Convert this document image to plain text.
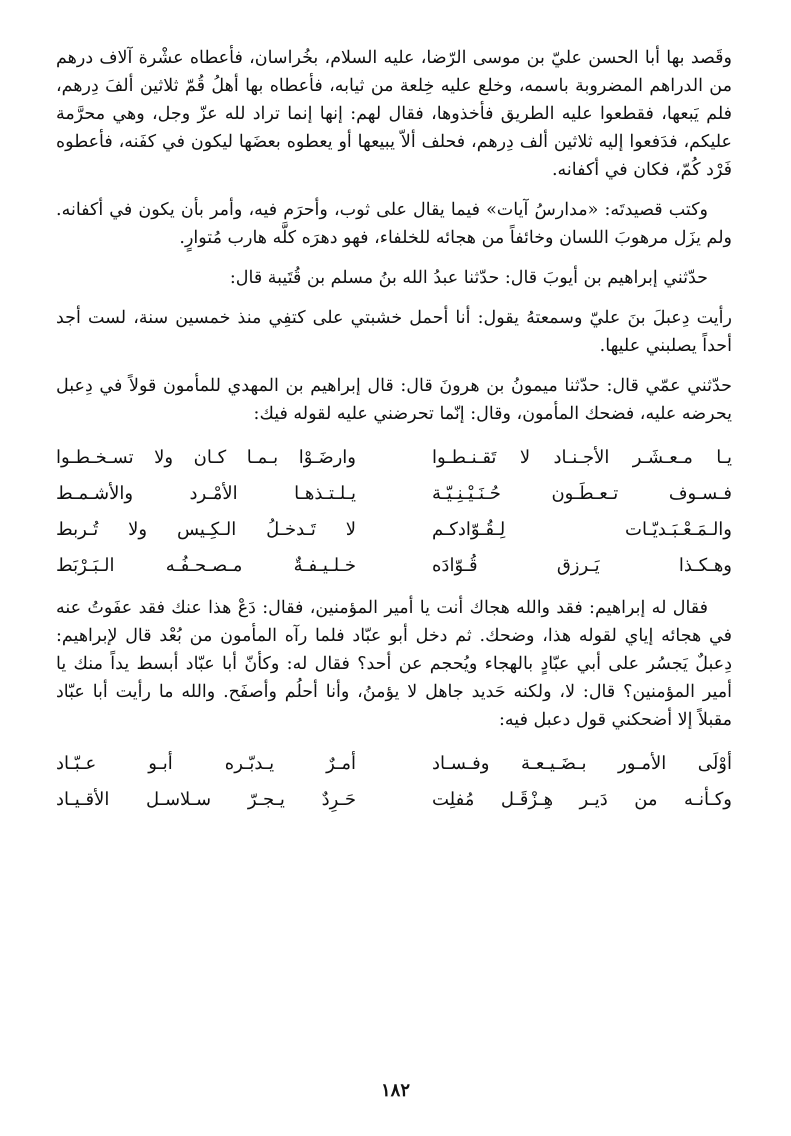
وقَصد بها أبا الحسن عليّ بن موسى الرّضا، عليه السلام، بخُراسان، فأعطاه عشْرة آلاف درهم من الدراهم المضروبة باسمه، وخلع عليه خِلعة من ثيابه، فأعطاه بها أهلُ قُمّ ثلاثين ألفَ دِرهم، فلم يَبعها، فقطعوا عليه الطريق فأخذوها، فقال لهم: إنها إنما تراد لله عزّ وجل، وهي محرَّمة عليكم، فدَفعوا إليه ثلاثين ألف دِرهم، فحلف ألاّ يبيعها أو يعطوه بعضَها ليكون في كفَنه، فأعطوه فَرْد كُمّ، فكان في أكفانه.

وكتب قصيدتَه: «مدارسُ آيات» فيما يقال على ثوب، وأحرَم فيه، وأمر بأن يكون في أكفانه. ولم يزَل مرهوبَ اللسان وخائفاً من هجائه للخلفاء، فهو دهرَه كلَّه هارب مُتوارٍ.

حدّثني إبراهيم بن أيوبَ قال: حدّثنا عبدُ الله بنُ مسلم بن قُتَيبة قال:

رأيت دِعبلَ بنَ عليّ وسمعتهُ يقول: أنا أحمل خشبتي على كتفِي منذ خمسين سنة، لست أجد أحداً يصلبني عليها.

حدّثني عمّي قال: حدّثنا ميمونُ بن هرونَ قال: قال إبراهيم بن المهدي للمأمون قولاً في دِعبل يحرضه عليه، فضحك المأمون، وقال: إنّما تحرضني عليه لقوله فيك:

يـا مـعـشَـر الأجـنـاد لا تَقـنـطـوا
وارضَـوْا بـمـا كـان ولا تسـخـطـوا
فـسـوف تـعـطَـون حُـنَـيْـنِـيّـة
يـلـتـذهـا الأمْـرد والأشـمـط
والـمَـعْـبَـديّـات لِـقُـوّادكـم
لا تَـدخـلُ الـكِـيس ولا تُـربط
وهـكـذا يَـرزق قُـوّادَه
خـلـيـفـةٌ مـصـحـفُـه الـبَـرْبَط

فقال له إبراهيم: فقد والله هجاك أنت يا أمير المؤمنين، فقال: دَعْ هذا عنك فقد عفَوتُ عنه في هجائه إياي لقوله هذا، وضحك. ثم دخل أبو عبّاد فلما رآه المأمون من بُعْد قال لإبراهيم: دِعبلٌ يَجسُر على أبي عبّادٍ بالهجاء ويُحجم عن أحد؟ فقال له: وكأنّ أبا عبّاد أبسط يداً منك يا أمير المؤمنين؟ قال: لا، ولكنه حَديد جاهل لا يؤمنُ، وأنا أحلُم وأصفَح. والله ما رأيت أبا عبّاد مقبلاً إلا أضحكني قول دعبل فيه:

أوْلَى الأمـور بـضَـيـعـة وفـسـاد
أمـرٌ يـدبّـره أبـو عـبّـاد
وكـأنـه من دَيـر هِـزْقَـل مُفلِت
حَـرِدٌ يـجـرّ سـلاسـل الأقـيـاد
١٨٢
